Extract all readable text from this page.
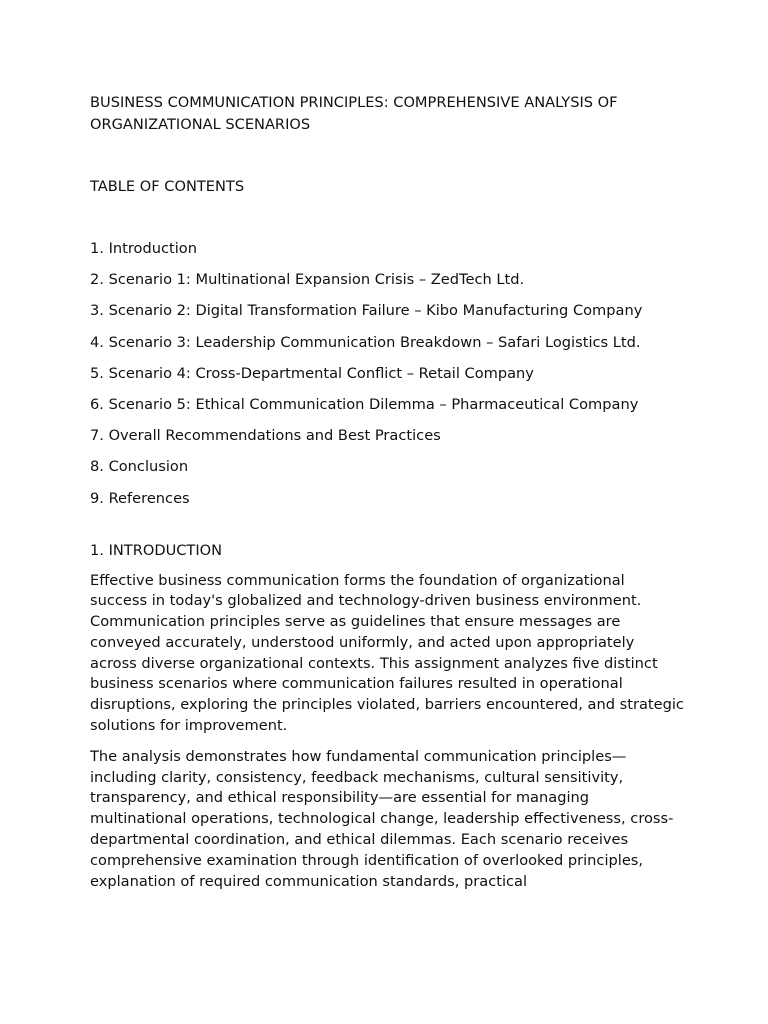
BUSINESS COMMUNICATION PRINCIPLES: COMPREHENSIVE ANALYSIS OF ORGANIZATIONAL SCENARIOS
TABLE OF CONTENTS
1. Introduction
2. Scenario 1: Multinational Expansion Crisis – ZedTech Ltd.
3. Scenario 2: Digital Transformation Failure – Kibo Manufacturing Company
4. Scenario 3: Leadership Communication Breakdown – Safari Logistics Ltd.
5. Scenario 4: Cross-Departmental Conflict – Retail Company
6. Scenario 5: Ethical Communication Dilemma – Pharmaceutical Company
7. Overall Recommendations and Best Practices
8. Conclusion
9. References
1. INTRODUCTION

Effective business communication forms the foundation of organizational success in today's globalized and technology-driven business environment. Communication principles serve as guidelines that ensure messages are conveyed accurately, understood uniformly, and acted upon appropriately across diverse organizational contexts. This assignment analyzes five distinct business scenarios where communication failures resulted in operational disruptions, exploring the principles violated, barriers encountered, and strategic solutions for improvement.

The analysis demonstrates how fundamental communication principles—including clarity, consistency, feedback mechanisms, cultural sensitivity, transparency, and ethical responsibility—are essential for managing multinational operations, technological change, leadership effectiveness, cross-departmental coordination, and ethical dilemmas. Each scenario receives comprehensive examination through identification of overlooked principles, explanation of required communication standards, practical
